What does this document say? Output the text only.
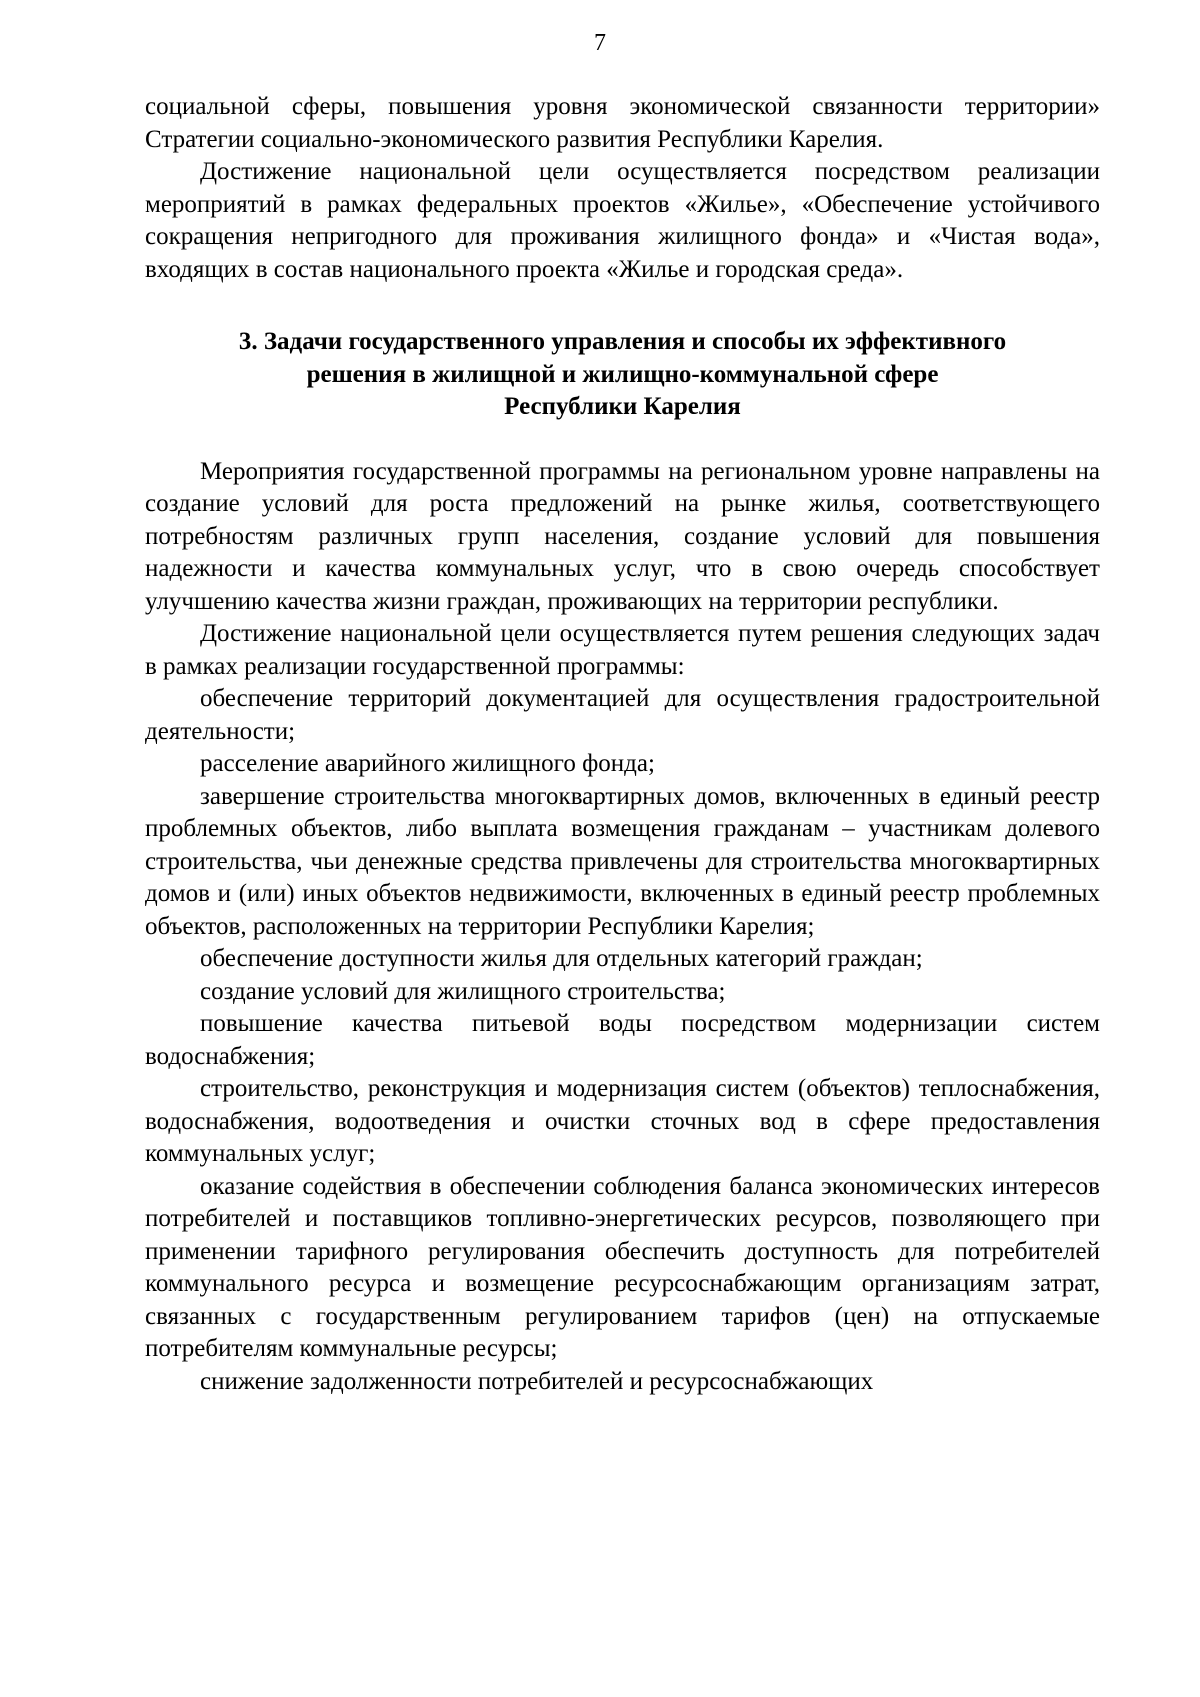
7

социальной сферы, повышения уровня экономической связанности территории» Стратегии социально-экономического развития Республики Карелия.

Достижение национальной цели осуществляется посредством реализации мероприятий в рамках федеральных проектов «Жилье», «Обеспечение устойчивого сокращения непригодного для проживания жилищного фонда» и «Чистая вода», входящих в состав национального проекта «Жилье и городская среда».

3. Задачи государственного управления и способы их эффективного
решения в жилищной и жилищно-коммунальной сфере
Республики Карелия

Мероприятия государственной программы на региональном уровне направлены на создание условий для роста предложений на рынке жилья, соответствующего потребностям различных групп населения, создание условий для повышения надежности и качества коммунальных услуг, что в свою очередь способствует улучшению качества жизни граждан, проживающих на территории республики.

Достижение национальной цели осуществляется путем решения следующих задач в рамках реализации государственной программы:

обеспечение территорий документацией для осуществления градостроительной деятельности;

расселение аварийного жилищного фонда;

завершение строительства многоквартирных домов, включенных в единый реестр проблемных объектов, либо выплата возмещения гражданам – участникам долевого строительства, чьи денежные средства привлечены для строительства многоквартирных домов и (или) иных объектов недвижимости, включенных в единый реестр проблемных объектов, расположенных на территории Республики Карелия;

обеспечение доступности жилья для отдельных категорий граждан;

создание условий для жилищного строительства;

повышение качества питьевой воды посредством модернизации систем водоснабжения;

строительство, реконструкция и модернизация систем (объектов) теплоснабжения, водоснабжения, водоотведения и очистки сточных вод в сфере предоставления коммунальных услуг;

оказание содействия в обеспечении соблюдения баланса экономических интересов потребителей и поставщиков топливно-энергетических ресурсов, позволяющего при применении тарифного регулирования обеспечить доступность для потребителей коммунального ресурса и возмещение ресурсоснабжающим организациям затрат, связанных с государственным регулированием тарифов (цен) на отпускаемые потребителям коммунальные ресурсы;

снижение задолженности потребителей и ресурсоснабжающих
